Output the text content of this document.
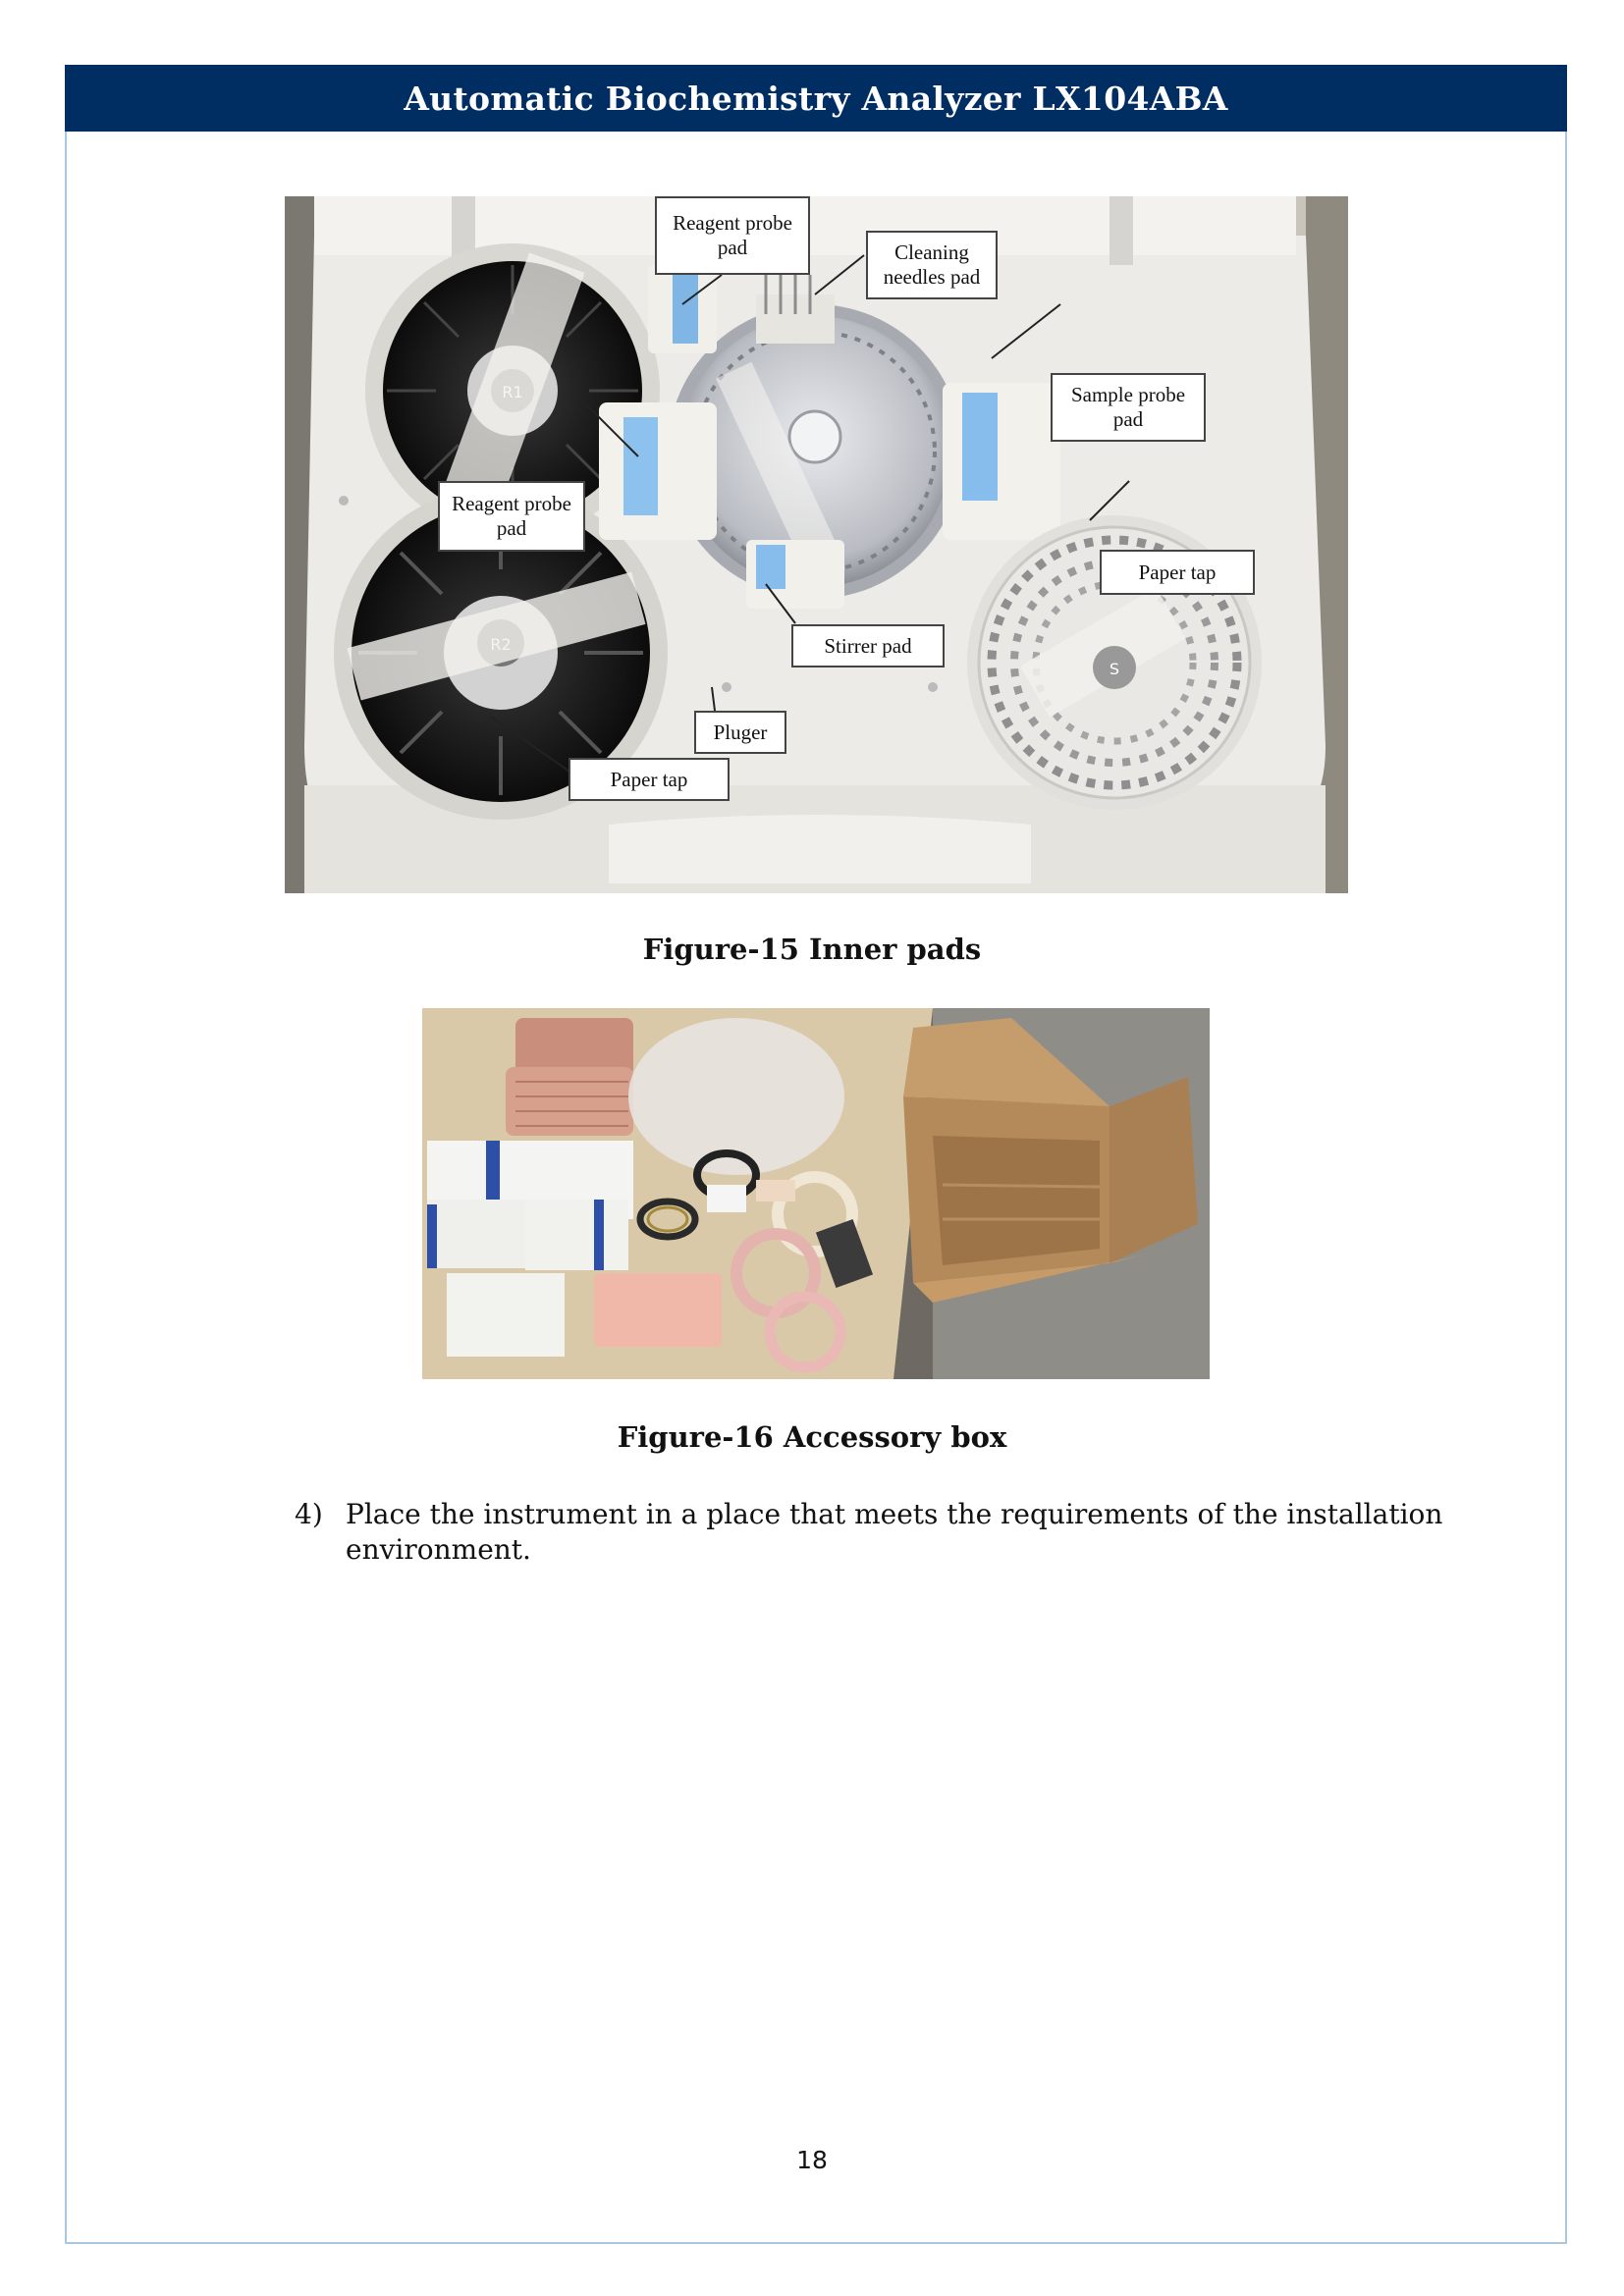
Automatic Biochemistry Analyzer LX104ABA
S
Reagent probe pad	Cleaning needles pad
Sample probe pad
Reagent probe pad
Paper tap
Stirrer pad
Pluger
Paper tap
Figure-15 Inner pads
Figure-16 Accessory box
4) Place the instrument in a place that meets the requirements of the installation environment.
18
